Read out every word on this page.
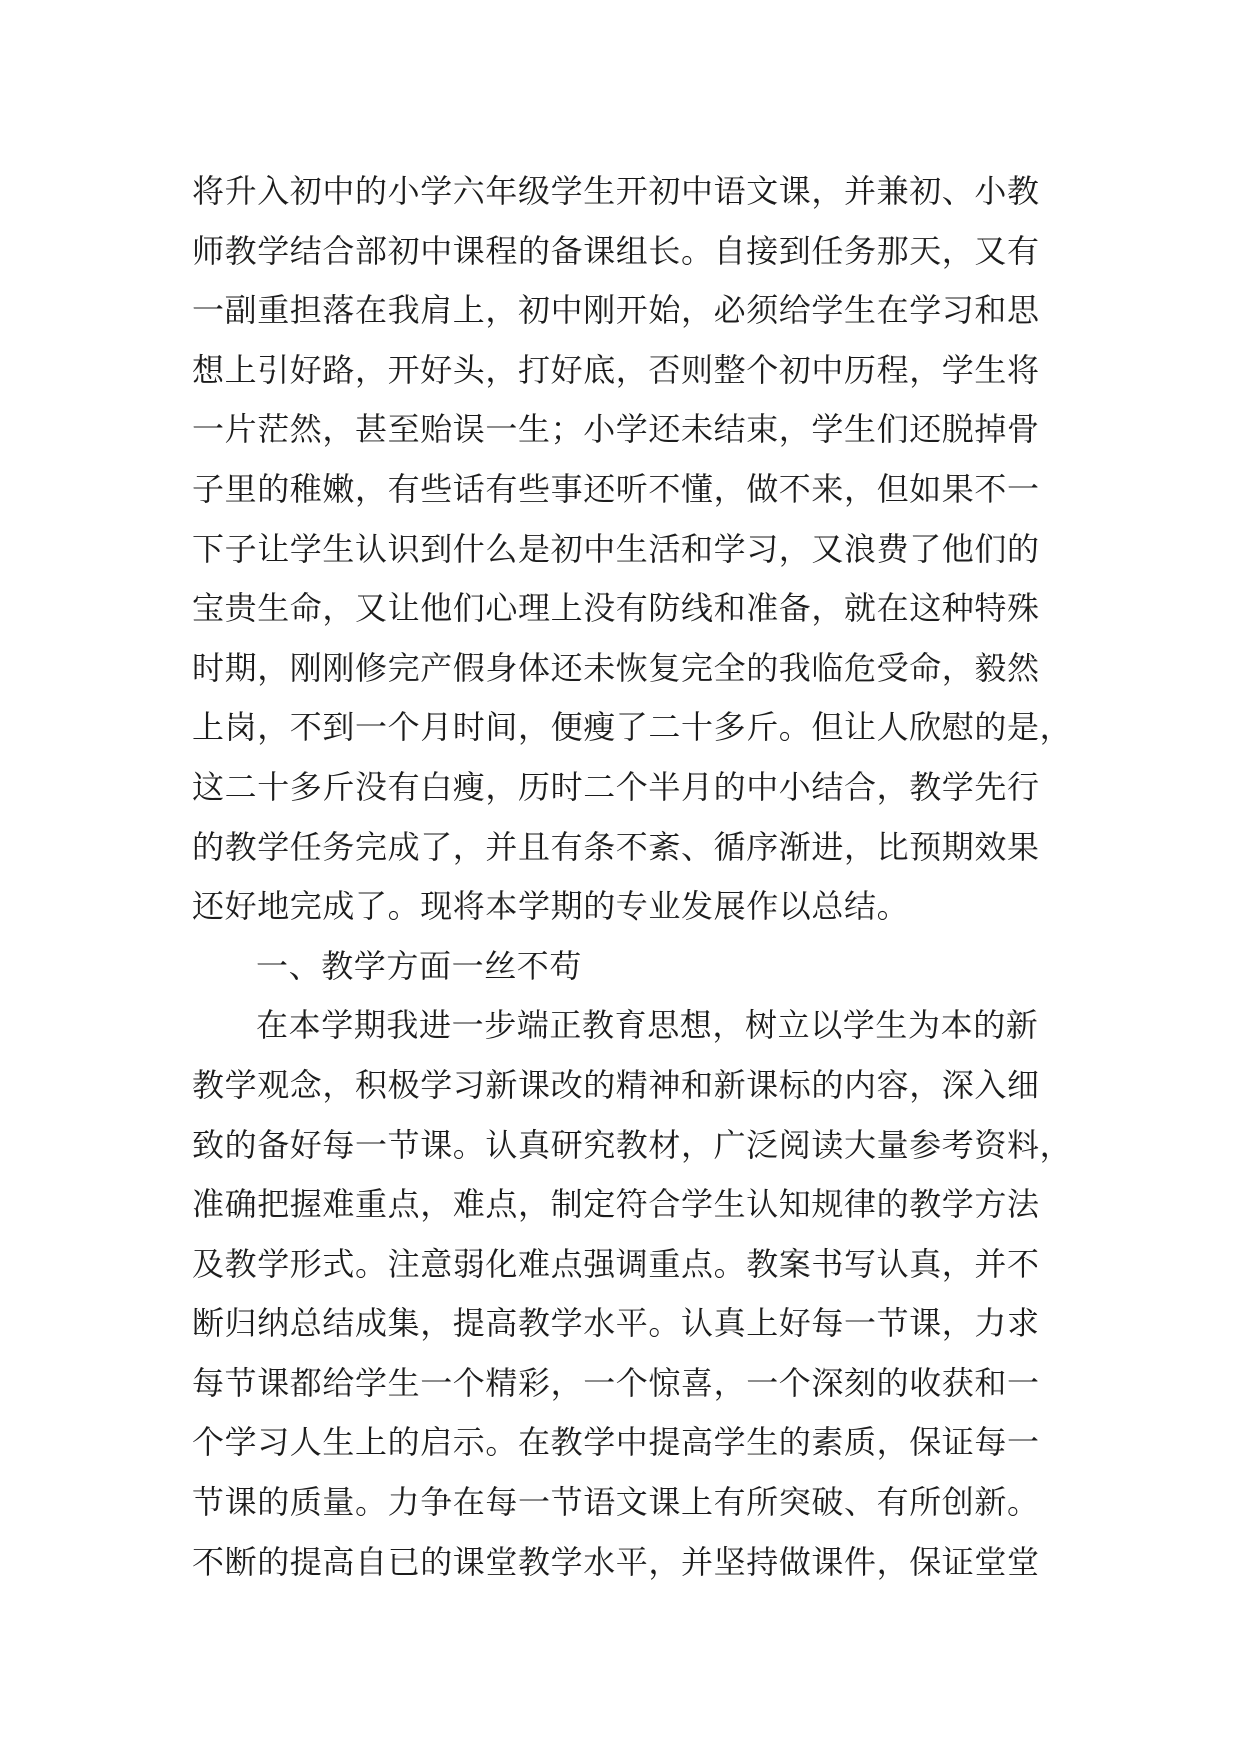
将升入初中的小学六年级学生开初中语文课，并兼初、小教
师教学结合部初中课程的备课组长。自接到任务那天，又有
一副重担落在我肩上，初中刚开始，必须给学生在学习和思
想上引好路，开好头，打好底，否则整个初中历程，学生将
一片茫然，甚至贻误一生；小学还未结束，学生们还脱掉骨
子里的稚嫩，有些话有些事还听不懂，做不来，但如果不一
下子让学生认识到什么是初中生活和学习，又浪费了他们的
宝贵生命，又让他们心理上没有防线和准备，就在这种特殊
时期，刚刚修完产假身体还未恢复完全的我临危受命，毅然
上岗，不到一个月时间，便瘦了二十多斤。但让人欣慰的是，
这二十多斤没有白瘦，历时二个半月的中小结合，教学先行
的教学任务完成了，并且有条不紊、循序渐进，比预期效果
还好地完成了。现将本学期的专业发展作以总结。
一、教学方面一丝不苟
在本学期我进一步端正教育思想，树立以学生为本的新
教学观念，积极学习新课改的精神和新课标的内容，深入细
致的备好每一节课。认真研究教材，广泛阅读大量参考资料，
准确把握难重点，难点，制定符合学生认知规律的教学方法
及教学形式。注意弱化难点强调重点。教案书写认真，并不
断归纳总结成集，提高教学水平。认真上好每一节课，力求
每节课都给学生一个精彩，一个惊喜，一个深刻的收获和一
个学习人生上的启示。在教学中提高学生的素质，保证每一
节课的质量。力争在每一节语文课上有所突破、有所创新。
不断的提高自已的课堂教学水平，并坚持做课件，保证堂堂
